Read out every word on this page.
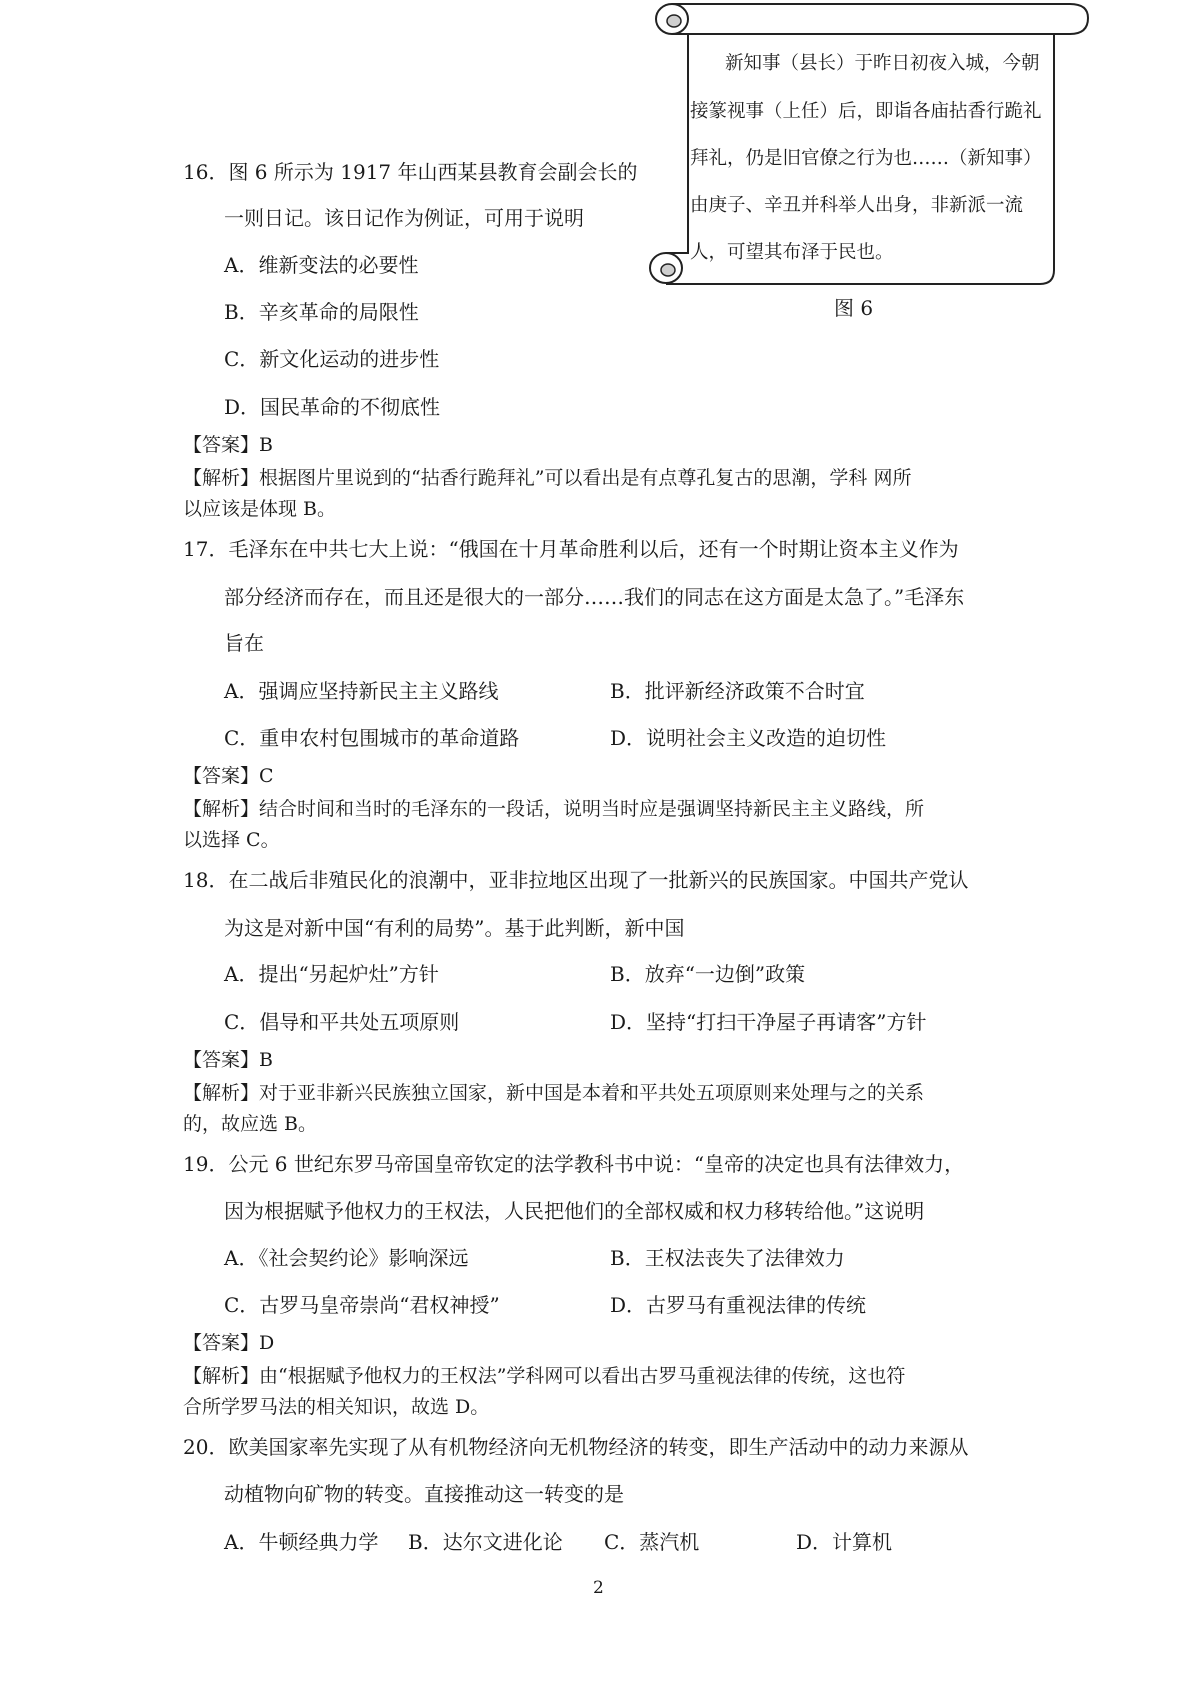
新知事（县长）于昨日初夜入城，今朝
接篆视事（上任）后，即诣各庙拈香行跪礼
拜礼，仍是旧官僚之行为也……（新知事）
由庚子、辛丑并科举人出身，非新派一流
人，可望其布泽于民也。
图 6
16．图 6 所示为 1917 年山西某县教育会副会长的
一则日记。该日记作为例证，可用于说明
A．维新变法的必要性
B．辛亥革命的局限性
C．新文化运动的进步性
D．国民革命的不彻底性
【答案】B
【解析】根据图片里说到的“拈香行跪拜礼”可以看出是有点尊孔复古的思潮，学科 网所
以应该是体现 B。
17．毛泽东在中共七大上说：“俄国在十月革命胜利以后，还有一个时期让资本主义作为
部分经济而存在，而且还是很大的一部分……我们的同志在这方面是太急了。”毛泽东
旨在
A．强调应坚持新民主主义路线	B．批评新经济政策不合时宜
C．重申农村包围城市的革命道路	D．说明社会主义改造的迫切性
【答案】C
【解析】结合时间和当时的毛泽东的一段话，说明当时应是强调坚持新民主主义路线，所
以选择 C。
18．在二战后非殖民化的浪潮中，亚非拉地区出现了一批新兴的民族国家。中国共产党认
为这是对新中国“有利的局势”。基于此判断，新中国
A．提出“另起炉灶”方针	B．放弃“一边倒”政策
C．倡导和平共处五项原则	D．坚持“打扫干净屋子再请客”方针
【答案】B
【解析】对于亚非新兴民族独立国家，新中国是本着和平共处五项原则来处理与之的关系
的，故应选 B。
19．公元 6 世纪东罗马帝国皇帝钦定的法学教科书中说：“皇帝的决定也具有法律效力，
因为根据赋予他权力的王权法，人民把他们的全部权威和权力移转给他。”这说明
A．《社会契约论》影响深远	B．王权法丧失了法律效力
C．古罗马皇帝崇尚“君权神授”	D．古罗马有重视法律的传统
【答案】D
【解析】由“根据赋予他权力的王权法”学科网可以看出古罗马重视法律的传统，这也符
合所学罗马法的相关知识，故选 D。
20．欧美国家率先实现了从有机物经济向无机物经济的转变，即生产活动中的动力来源从
动植物向矿物的转变。直接推动这一转变的是
A．牛顿经典力学 B．达尔文进化论 C．蒸汽机	D．计算机
2
